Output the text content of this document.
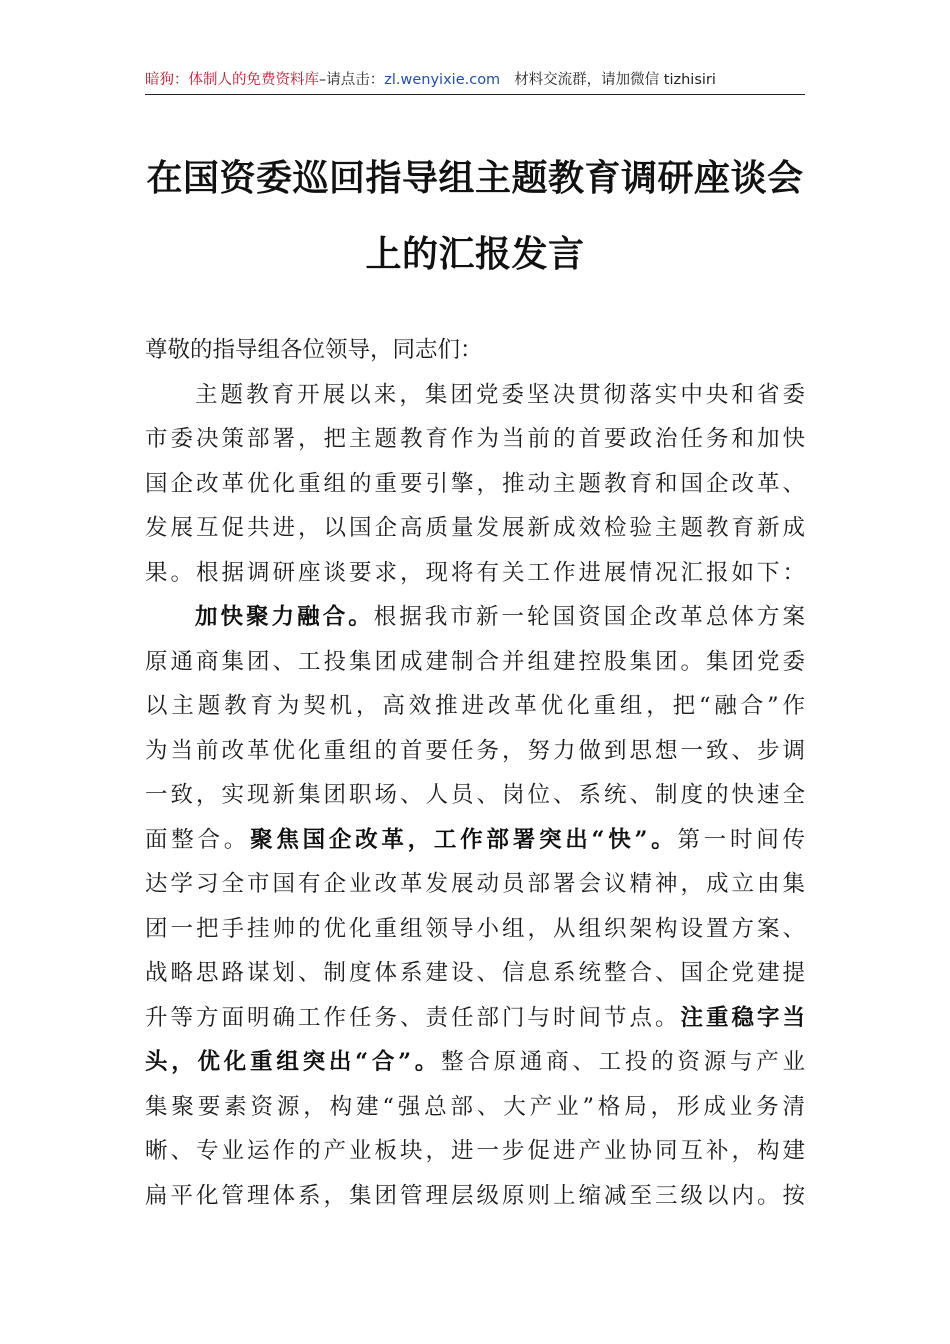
暗狗：体制人的免费资料库–请点击：zl.wenyixie.com 材料交流群，请加微信 tizhisiri
在国资委巡回指导组主题教育调研座谈会
上的汇报发言
尊敬的指导组各位领导，同志们：
主题教育开展以来，集团党委坚决贯彻落实中央和省委
市委决策部署，把主题教育作为当前的首要政治任务和加快
国企改革优化重组的重要引擎，推动主题教育和国企改革、
发展互促共进，以国企高质量发展新成效检验主题教育新成
果。根据调研座谈要求，现将有关工作进展情况汇报如下：
加快聚力融合。根据我市新一轮国资国企改革总体方案
原通商集团、工投集团成建制合并组建控股集团。集团党委
以主题教育为契机，高效推进改革优化重组，把“融合”作
为当前改革优化重组的首要任务，努力做到思想一致、步调
一致，实现新集团职场、人员、岗位、系统、制度的快速全
面整合。聚焦国企改革，工作部署突出“快”。第一时间传
达学习全市国有企业改革发展动员部署会议精神，成立由集
团一把手挂帅的优化重组领导小组，从组织架构设置方案、
战略思路谋划、制度体系建设、信息系统整合、国企党建提
升等方面明确工作任务、责任部门与时间节点。注重稳字当
头，优化重组突出“合”。整合原通商、工投的资源与产业
集聚要素资源，构建“强总部、大产业”格局，形成业务清
晰、专业运作的产业板块，进一步促进产业协同互补，构建
扁平化管理体系，集团管理层级原则上缩减至三级以内。按
